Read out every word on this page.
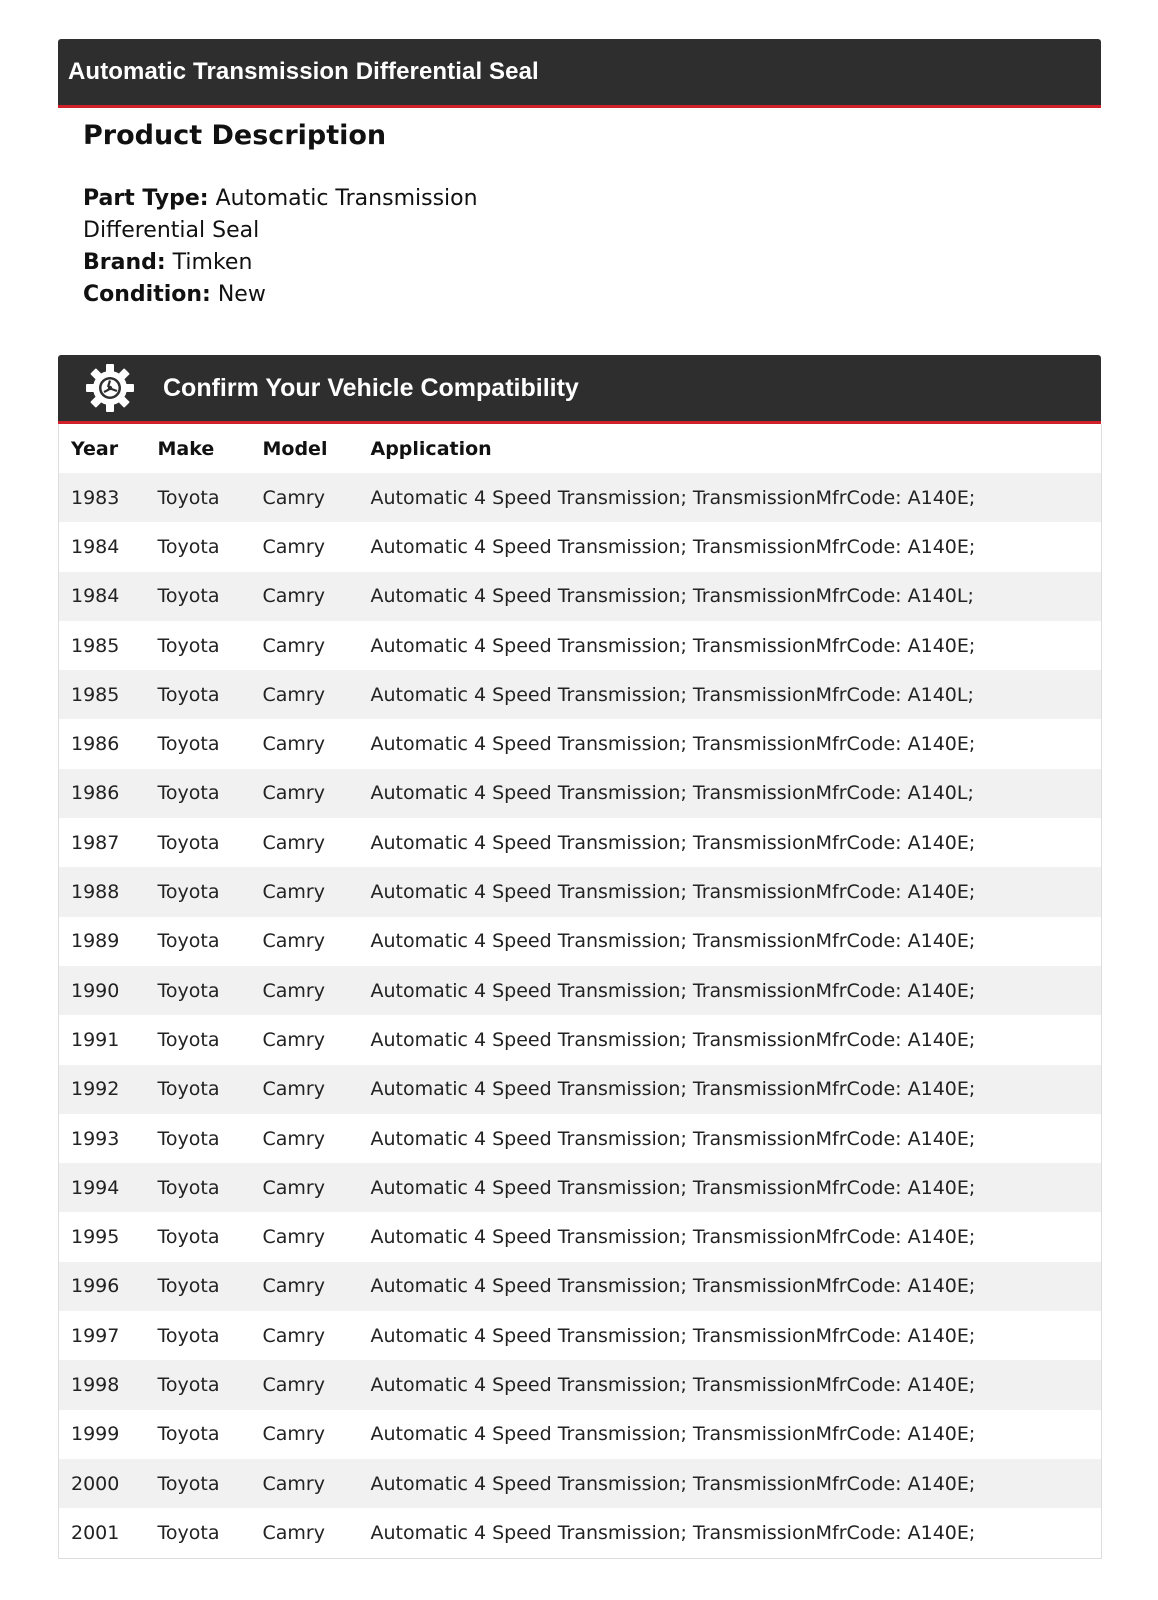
Automatic Transmission Differential Seal
Product Description
Part Type: Automatic Transmission Differential Seal
Brand: Timken
Condition: New
Confirm Your Vehicle Compatibility
Year	Make	Model	Application
1983	Toyota	Camry	Automatic 4 Speed Transmission; TransmissionMfrCode: A140E;
1984	Toyota	Camry	Automatic 4 Speed Transmission; TransmissionMfrCode: A140E;
1984	Toyota	Camry	Automatic 4 Speed Transmission; TransmissionMfrCode: A140L;
1985	Toyota	Camry	Automatic 4 Speed Transmission; TransmissionMfrCode: A140E;
1985	Toyota	Camry	Automatic 4 Speed Transmission; TransmissionMfrCode: A140L;
1986	Toyota	Camry	Automatic 4 Speed Transmission; TransmissionMfrCode: A140E;
1986	Toyota	Camry	Automatic 4 Speed Transmission; TransmissionMfrCode: A140L;
1987	Toyota	Camry	Automatic 4 Speed Transmission; TransmissionMfrCode: A140E;
1988	Toyota	Camry	Automatic 4 Speed Transmission; TransmissionMfrCode: A140E;
1989	Toyota	Camry	Automatic 4 Speed Transmission; TransmissionMfrCode: A140E;
1990	Toyota	Camry	Automatic 4 Speed Transmission; TransmissionMfrCode: A140E;
1991	Toyota	Camry	Automatic 4 Speed Transmission; TransmissionMfrCode: A140E;
1992	Toyota	Camry	Automatic 4 Speed Transmission; TransmissionMfrCode: A140E;
1993	Toyota	Camry	Automatic 4 Speed Transmission; TransmissionMfrCode: A140E;
1994	Toyota	Camry	Automatic 4 Speed Transmission; TransmissionMfrCode: A140E;
1995	Toyota	Camry	Automatic 4 Speed Transmission; TransmissionMfrCode: A140E;
1996	Toyota	Camry	Automatic 4 Speed Transmission; TransmissionMfrCode: A140E;
1997	Toyota	Camry	Automatic 4 Speed Transmission; TransmissionMfrCode: A140E;
1998	Toyota	Camry	Automatic 4 Speed Transmission; TransmissionMfrCode: A140E;
1999	Toyota	Camry	Automatic 4 Speed Transmission; TransmissionMfrCode: A140E;
2000	Toyota	Camry	Automatic 4 Speed Transmission; TransmissionMfrCode: A140E;
2001	Toyota	Camry	Automatic 4 Speed Transmission; TransmissionMfrCode: A140E;
